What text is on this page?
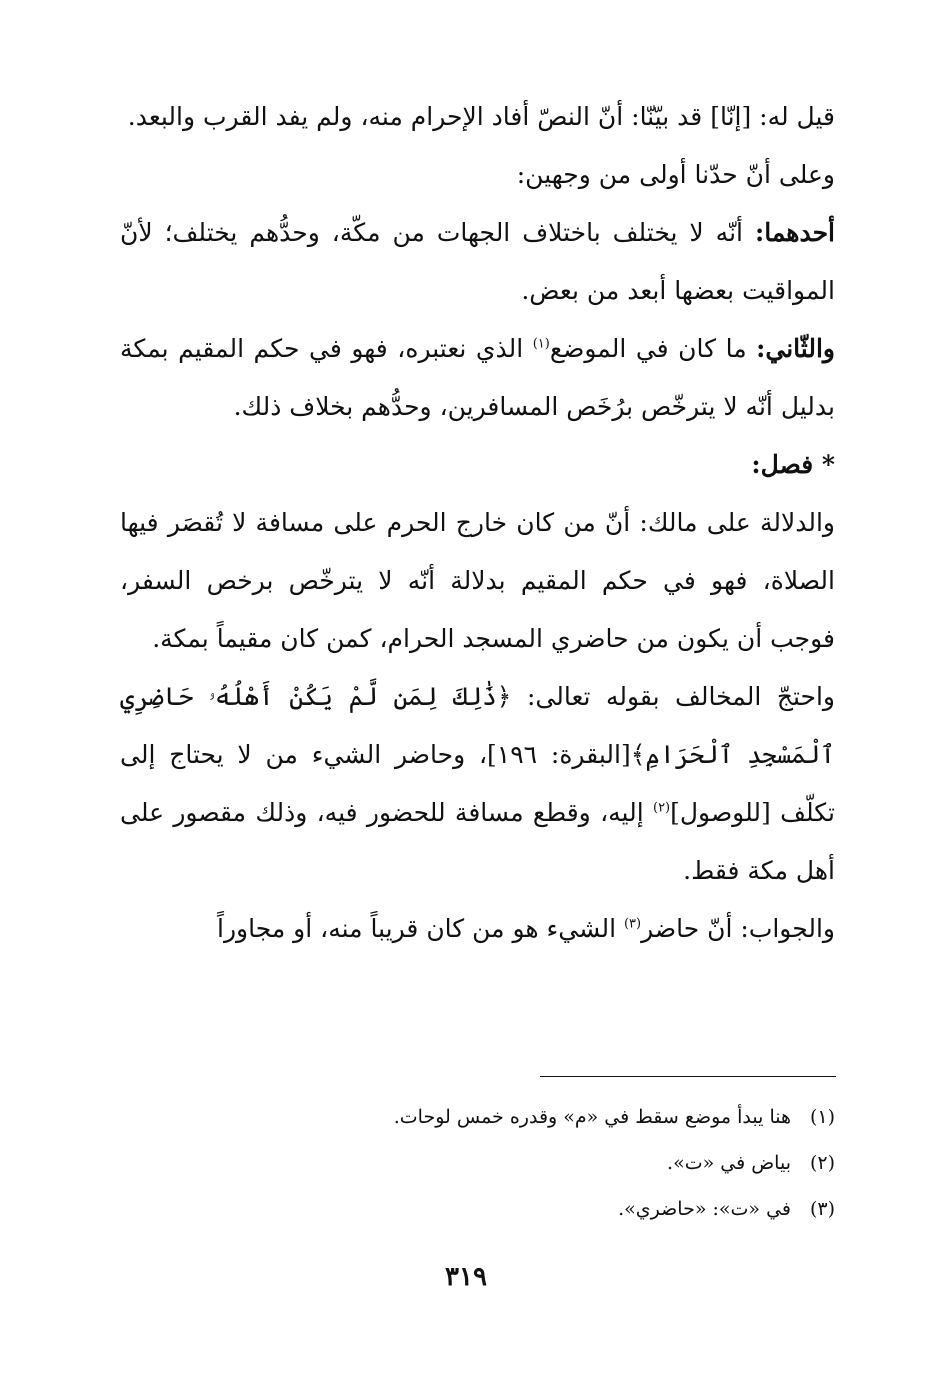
قيل له: [إنّا] قد بيّنّا: أنّ النصّ أفاد الإحرام منه، ولم يفد القرب والبعد.

وعلى أنّ حدّنا أولى من وجهين:

أحدهما: أنّه لا يختلف باختلاف الجهات من مكّة، وحدُّهم يختلف؛ لأنّ المواقيت بعضها أبعد من بعض.

والثّاني: ما كان في الموضع$^{(١)}$ الذي نعتبره، فهو في حكم المقيم بمكة بدليل أنّه لا يترخّص برُخَص المسافرين، وحدُّهم بخلاف ذلك.

* فصل:

والدلالة على مالك: أنّ من كان خارج الحرم على مسافة لا تُقصَر فيها الصلاة، فهو في حكم المقيم بدلالة أنّه لا يترخّص برخص السفر، فوجب أن يكون من حاضري المسجد الحرام، كمن كان مقيماً بمكة.

واحتجّ المخالف بقوله تعالى: ﴿ذَٰلِكَ لِمَن لَّمْ يَكُنْ أَهْلُهُۥ حَاضِرِي ٱلْمَسْجِدِ ٱلْحَرَامِ﴾[البقرة: ١٩٦]، وحاضر الشيء من لا يحتاج إلى تكلّف [للوصول]$^{(٢)}$ إليه، وقطع مسافة للحضور فيه، وذلك مقصور على أهل مكة فقط.

والجواب: أنّ حاضر$^{(٣)}$ الشيء هو من كان قريباً منه، أو مجاوراً

(١)
هنا يبدأ موضع سقط في «م» وقدره خمس لوحات.
(٢)
بياض في «ت».
(٣)
في «ت»: «حاضري».
٣١٩
